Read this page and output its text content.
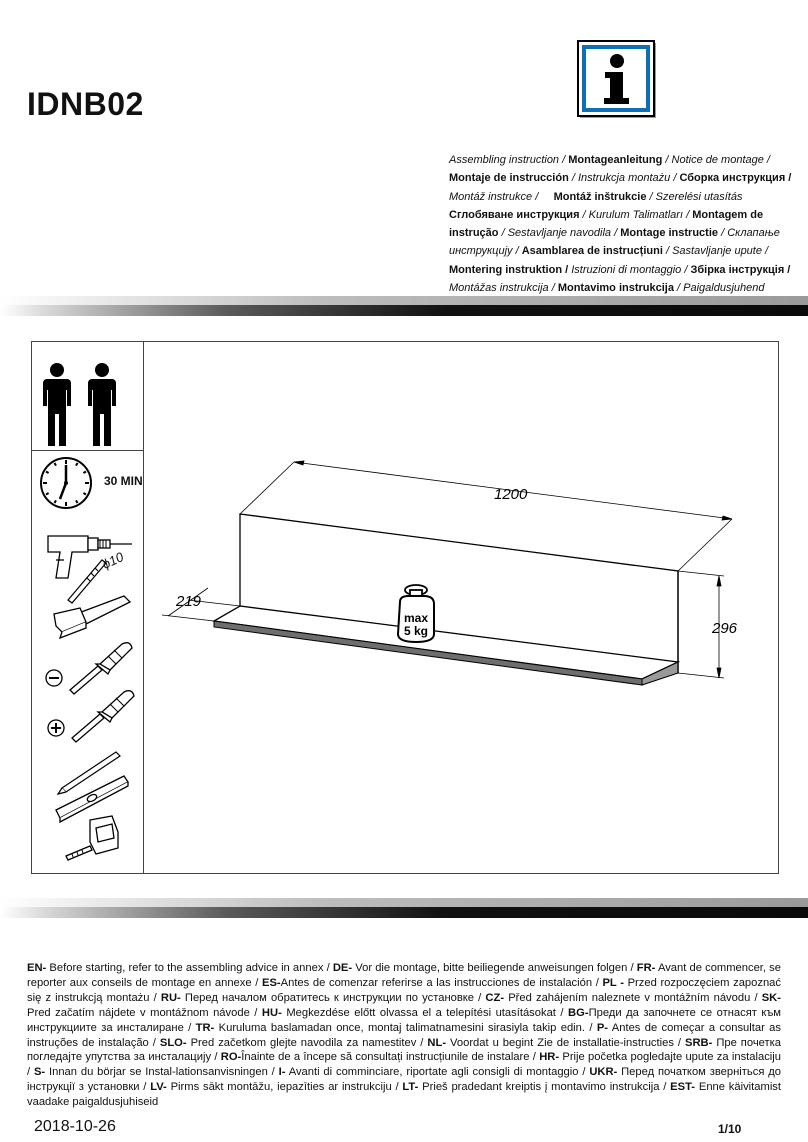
IDNB02
Assembling instruction / Montageanleitung / Notice de montage /
Montaje de instrucción / Instrukcja montażu / Сборка инструкция /
Montáž instrukce /     Montáž inštrukcie / Szerelési utasítás
Сглобяване инструкция / Kurulum Talimatları / Montagem de
instrução / Sestavljanje navodila / Montage instructie / Склапање
инструкцију / Asamblarea de instrucțiuni / Sastavljanje upute /
Montering instruktion / Istruzioni di montaggio / Збірка інструкція /
Montážas instrukcija / Montavimo instrukcija / Paigaldusjuhend
30 MIN
ϕ10
max
5 kg
1200
219
296
EN- Before starting, refer to the assembling advice in annex / DE- Vor die montage, bitte beiliegende anweisungen folgen / FR- Avant de commencer, se reporter aux conseils de montage en annexe / ES-Antes de comenzar referirse a las instrucciones de instalación / PL - Przed rozpoczęciem zapoznać się z instrukcją montażu / RU- Перед началом обратитесь к инструкции по установке / CZ- Před zahájením naleznete v montážním návodu / SK- Pred začatím nájdete v montážnom návode / HU- Megkezdése előtt olvassa el a telepítési utasításokat / BG-Преди да започнете се отнасят към инструкциите за инсталиране / TR- Kuruluma baslamadan once, montaj talimatnamesini sirasiyla takip edin. / P- Antes de começar a consultar as instruções de instalação / SLO- Pred začetkom glejte navodila za namestitev / NL- Voordat u begint Zie de installatie-instructies / SRB- Пре почетка погледајте упутства за инсталацију / RO-Înainte de a începe să consultați instrucțiunile de instalare / HR- Prije početka pogledajte upute za instalaciju / S- Innan du börjar se Instal-lationsanvisningen / I- Avanti di comminciare, riportate agli consigli di montaggio / UKR- Перед початком зверніться до інструкції з установки / LV- Pirms sākt montāžu, iepazīties ar instrukciju / LT- Prieš pradedant kreiptis į montavimo instrukcija / EST- Enne käivitamist vaadake paigaldusjuhiseid
2018-10-26	1/10
